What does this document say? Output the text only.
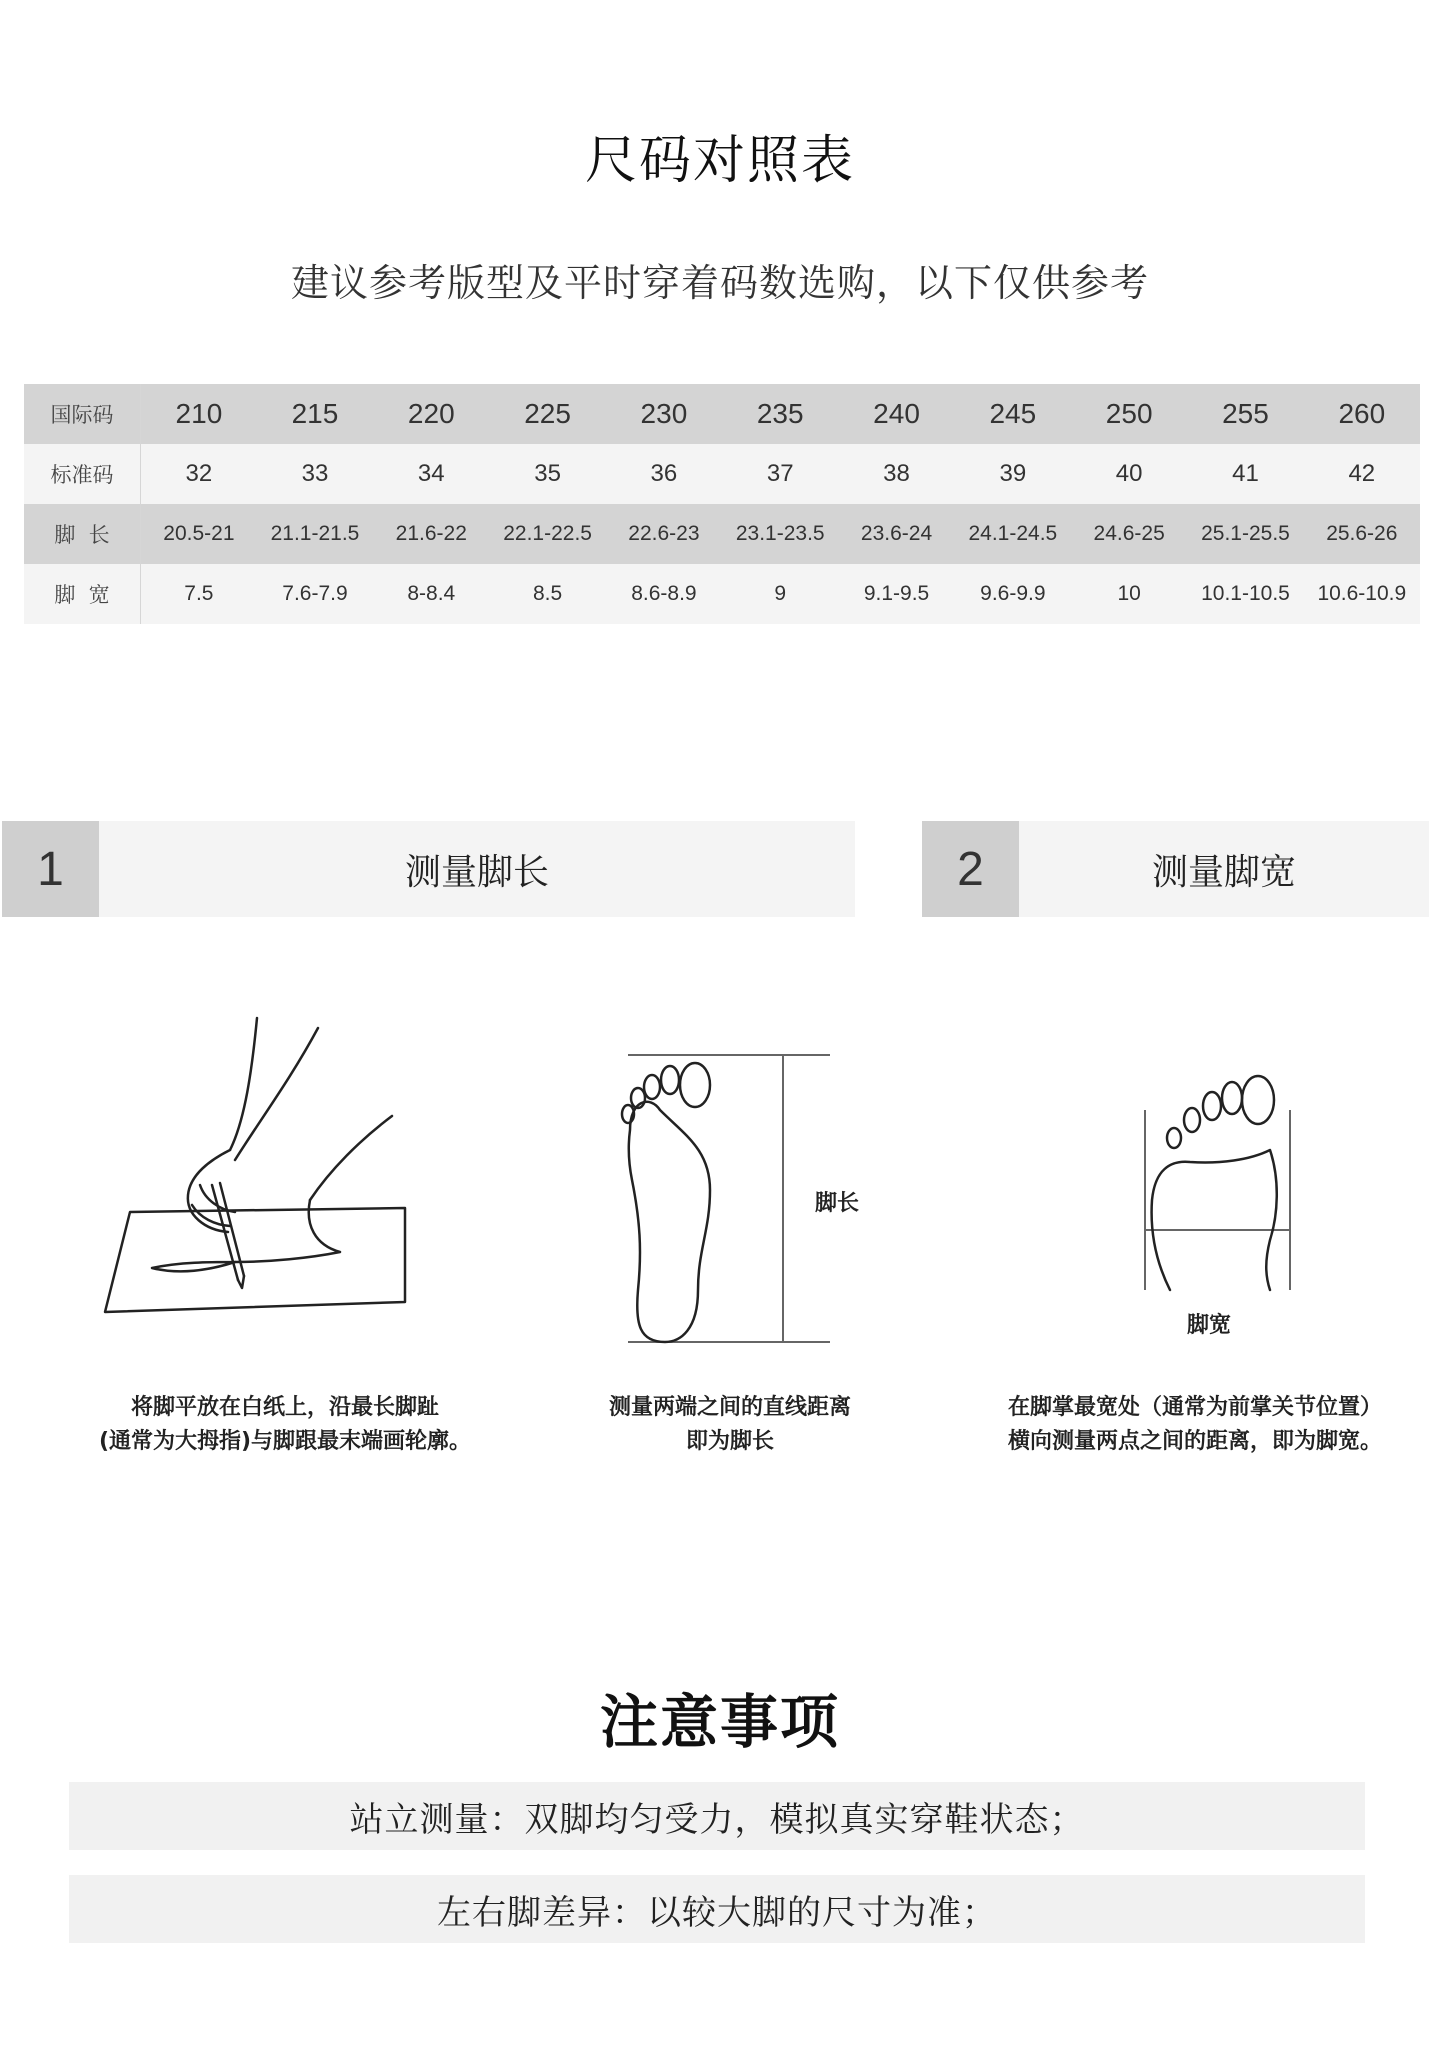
尺码对照表
建议参考版型及平时穿着码数选购，以下仅供参考
国际码	210	215	220	225	230	235	240	245	250	255	260
标准码	32	33	34	35	36	37	38	39	40	41	42
脚  长	20.5-21	21.1-21.5	21.6-22	22.1-22.5	22.6-23	23.1-23.5	23.6-24	24.1-24.5	24.6-25	25.1-25.5	25.6-26
脚  宽	7.5	7.6-7.9	8-8.4	8.5	8.6-8.9	9	9.1-9.5	9.6-9.9	10	10.1-10.5	10.6-10.9
1	测量脚长	2	测量脚宽
脚长
脚宽
将脚平放在白纸上，沿最长脚趾
(通常为大拇指)与脚跟最末端画轮廓。
测量两端之间的直线距离
即为脚长
在脚掌最宽处（通常为前掌关节位置）
横向测量两点之间的距离，即为脚宽。
注意事项
站立测量：双脚均匀受力，模拟真实穿鞋状态；
左右脚差异：以较大脚的尺寸为准；
